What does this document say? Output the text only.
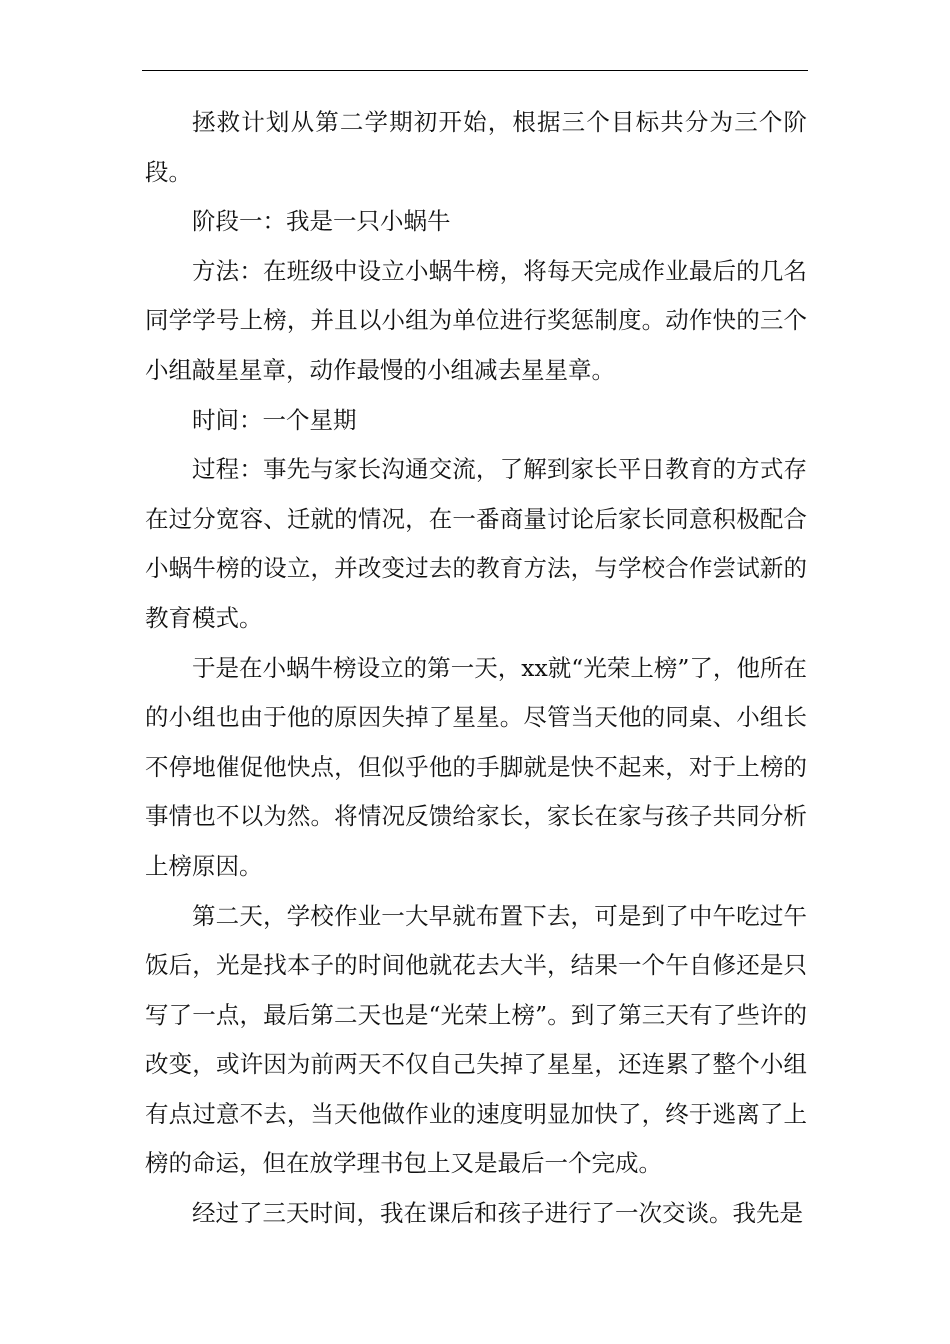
拯救计划从第二学期初开始，根据三个目标共分为三个阶段。

阶段一：我是一只小蜗牛

方法：在班级中设立小蜗牛榜，将每天完成作业最后的几名同学学号上榜，并且以小组为单位进行奖惩制度。动作快的三个小组敲星星章，动作最慢的小组减去星星章。

时间：一个星期

过程：事先与家长沟通交流，了解到家长平日教育的方式存在过分宽容、迁就的情况，在一番商量讨论后家长同意积极配合小蜗牛榜的设立，并改变过去的教育方法，与学校合作尝试新的教育模式。

于是在小蜗牛榜设立的第一天，xx就“光荣上榜”了，他所在的小组也由于他的原因失掉了星星。尽管当天他的同桌、小组长不停地催促他快点，但似乎他的手脚就是快不起来，对于上榜的事情也不以为然。将情况反馈给家长，家长在家与孩子共同分析上榜原因。

第二天，学校作业一大早就布置下去，可是到了中午吃过午饭后，光是找本子的时间他就花去大半，结果一个午自修还是只写了一点，最后第二天也是“光荣上榜”。到了第三天有了些许的改变，或许因为前两天不仅自己失掉了星星，还连累了整个小组有点过意不去，当天他做作业的速度明显加快了，终于逃离了上榜的命运，但在放学理书包上又是最后一个完成。

经过了三天时间，我在课后和孩子进行了一次交谈。我先是
